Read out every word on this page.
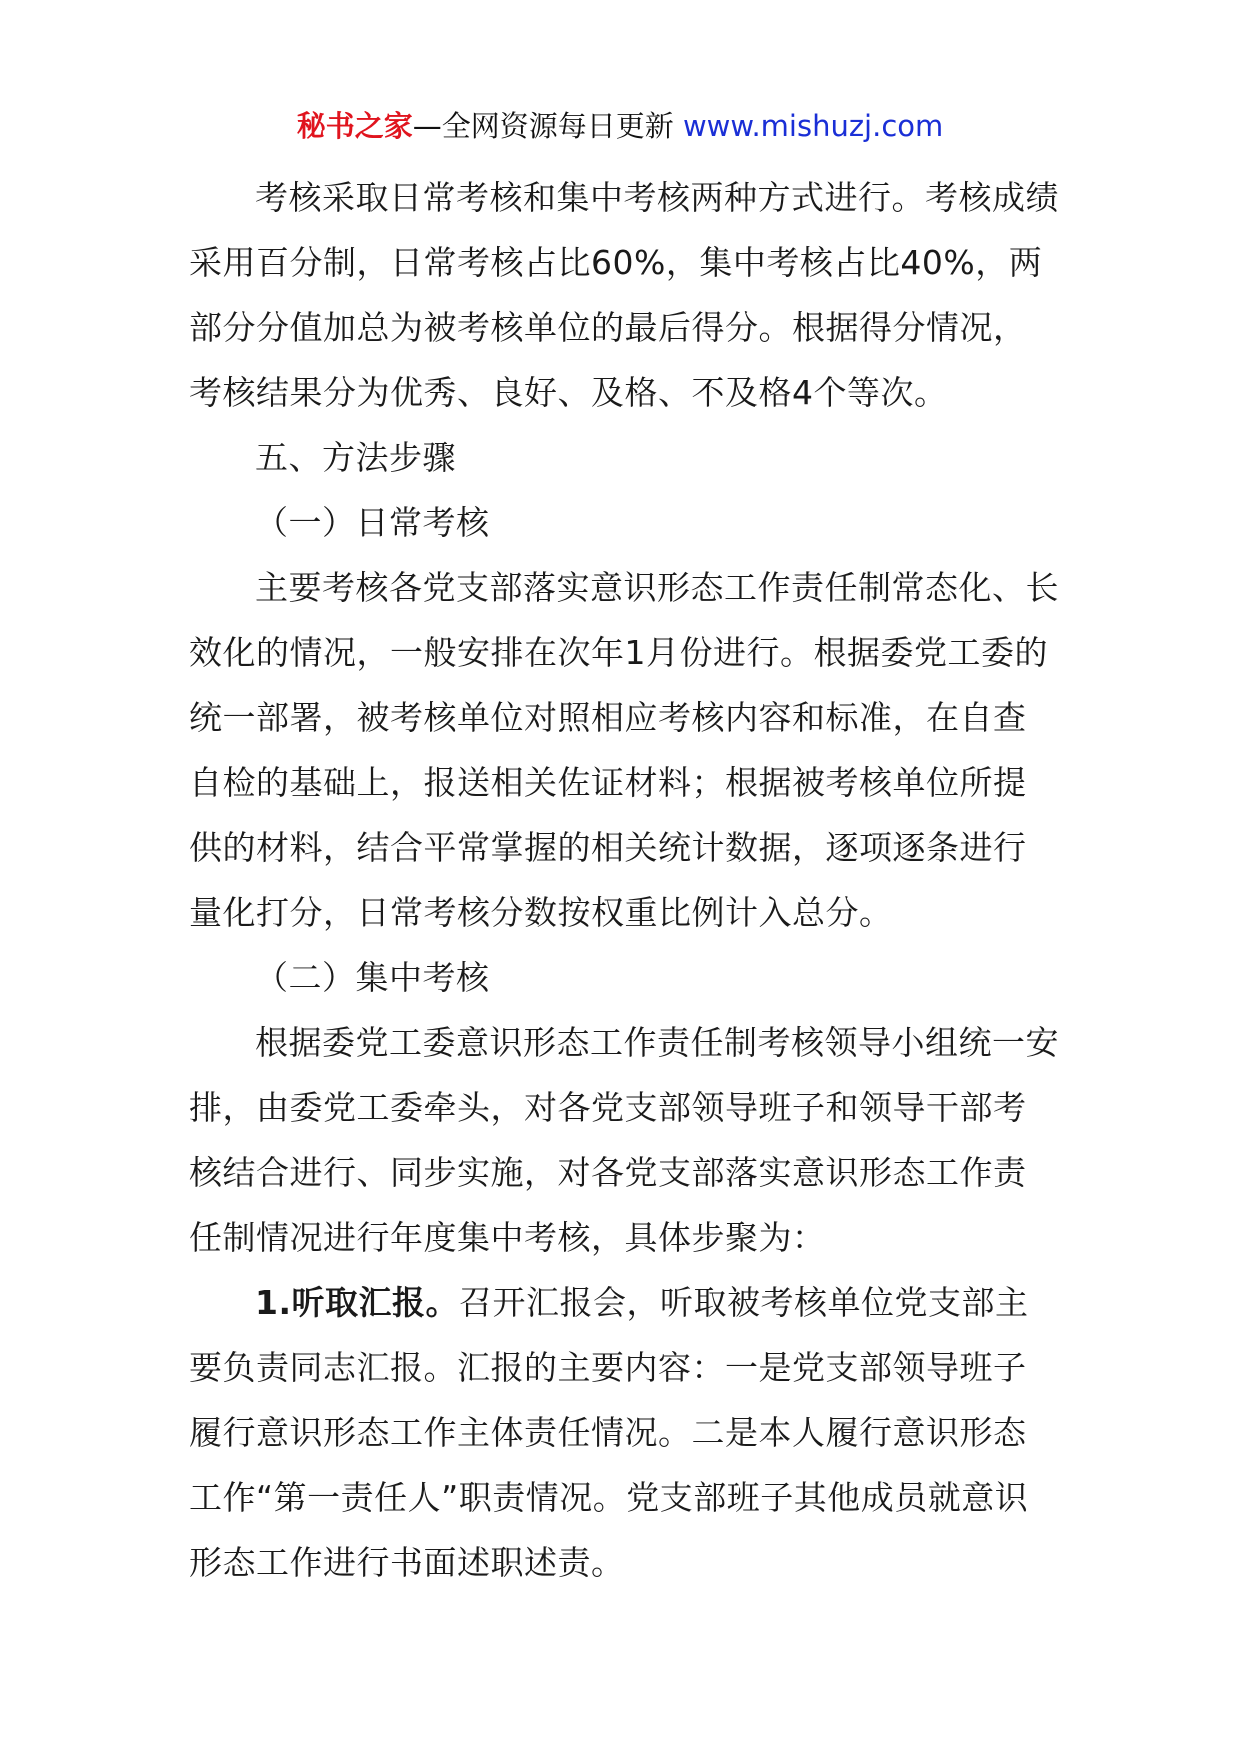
秘书之家—全网资源每日更新 www.mishuzj.com

考核采取日常考核和集中考核两种方式进行。考核成绩采用百分制，日常考核占比60%，集中考核占比40%，两部分分值加总为被考核单位的最后得分。根据得分情况，考核结果分为优秀、良好、及格、不及格4个等次。

五、方法步骤

（一）日常考核

主要考核各党支部落实意识形态工作责任制常态化、长效化的情况，一般安排在次年1月份进行。根据委党工委的统一部署，被考核单位对照相应考核内容和标准，在自查自检的基础上，报送相关佐证材料；根据被考核单位所提供的材料，结合平常掌握的相关统计数据，逐项逐条进行量化打分，日常考核分数按权重比例计入总分。

（二）集中考核

根据委党工委意识形态工作责任制考核领导小组统一安排，由委党工委牵头，对各党支部领导班子和领导干部考核结合进行、同步实施，对各党支部落实意识形态工作责任制情况进行年度集中考核，具体步聚为：

1.听取汇报。召开汇报会，听取被考核单位党支部主要负责同志汇报。汇报的主要内容：一是党支部领导班子履行意识形态工作主体责任情况。二是本人履行意识形态工作“第一责任人”职责情况。党支部班子其他成员就意识形态工作进行书面述职述责。
